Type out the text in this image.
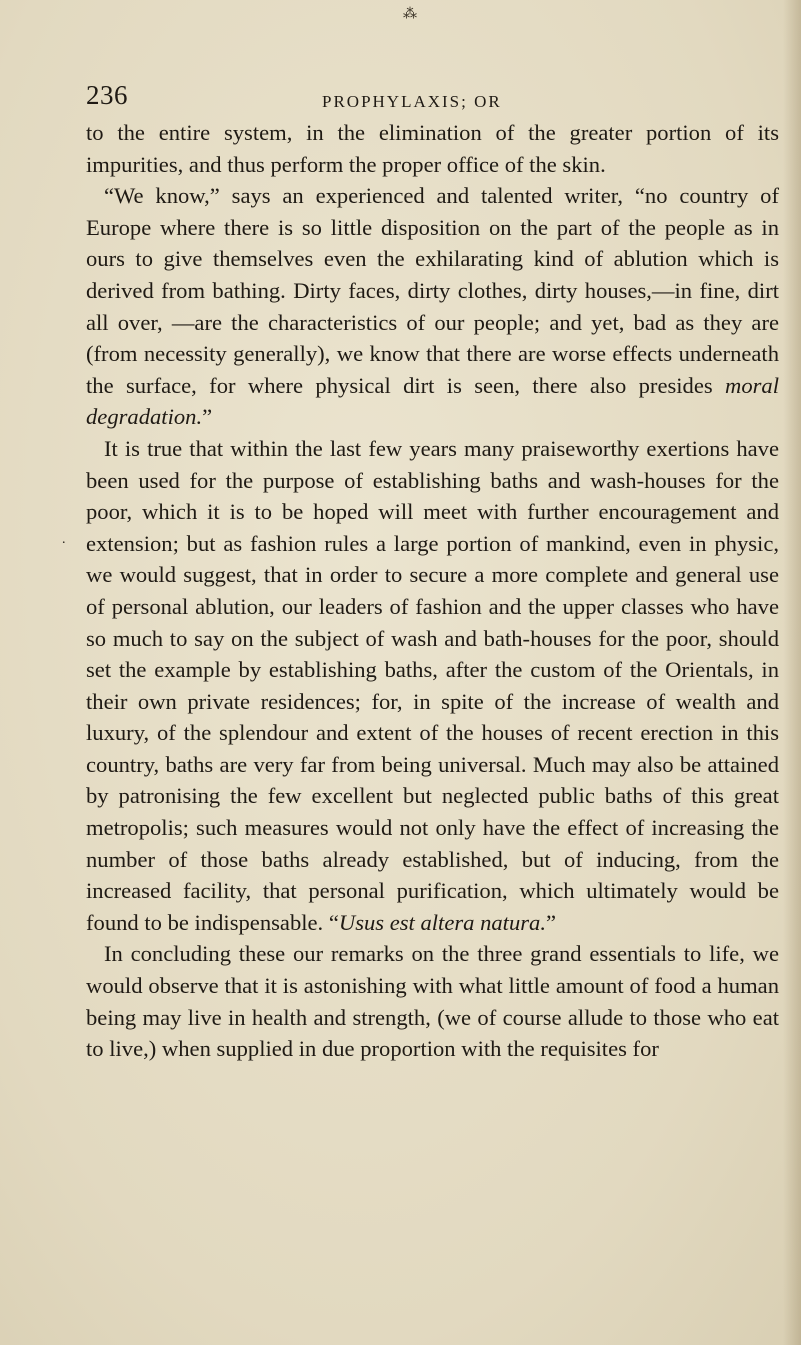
⁂
.
236	PROPHYLAXIS; OR

to the entire system, in the elimination of the greater portion of its impurities, and thus perform the proper office of the skin.

“We know,” says an experienced and talented writer, “no country of Europe where there is so little disposition on the part of the people as in ours to give themselves even the exhilarating kind of ablution which is derived from bathing. Dirty faces, dirty clothes, dirty houses,—in fine, dirt all over, —are the characteristics of our people; and yet, bad as they are (from necessity generally), we know that there are worse effects underneath the surface, for where physical dirt is seen, there also presides moral degradation.”

It is true that within the last few years many praiseworthy exertions have been used for the purpose of establishing baths and wash-houses for the poor, which it is to be hoped will meet with further encouragement and extension; but as fashion rules a large portion of mankind, even in physic, we would suggest, that in order to secure a more complete and general use of personal ablution, our leaders of fashion and the upper classes who have so much to say on the subject of wash and bath-houses for the poor, should set the example by establishing baths, after the custom of the Orientals, in their own private residences; for, in spite of the increase of wealth and luxury, of the splendour and extent of the houses of recent erection in this country, baths are very far from being universal. Much may also be attained by patronising the few excellent but neglected public baths of this great metropolis; such measures would not only have the effect of increasing the number of those baths already established, but of inducing, from the increased facility, that personal purification, which ultimately would be found to be indispensable. “Usus est altera natura.”

In concluding these our remarks on the three grand essentials to life, we would observe that it is astonishing with what little amount of food a human being may live in health and strength, (we of course allude to those who eat to live,) when supplied in due proportion with the requisites for
